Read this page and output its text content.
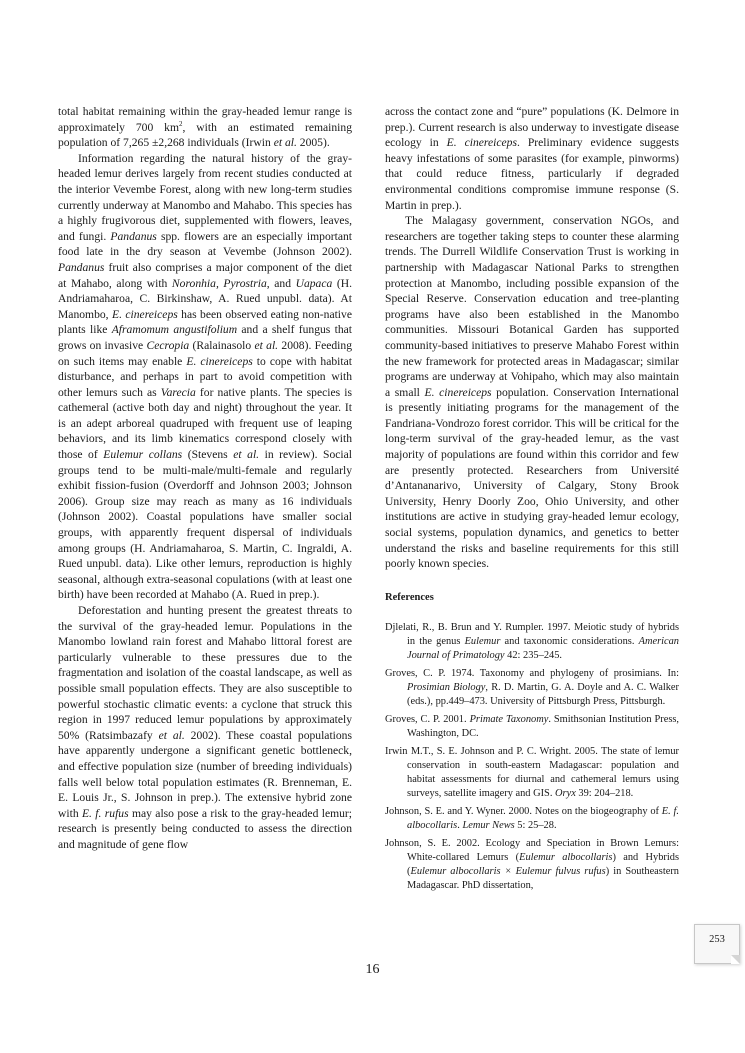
total habitat remaining within the gray-headed lemur range is approximately 700 $km^2$, with an estimated remaining population of 7,265 ±2,268 individuals (Irwin et al. 2005).

Information regarding the natural history of the gray-headed lemur derives largely from recent studies conducted at the interior Vevembe Forest, along with new long-term studies currently underway at Manombo and Mahabo. This species has a highly frugivorous diet, supplemented with flowers, leaves, and fungi. Pandanus spp. flowers are an especially important food late in the dry season at Vevembe (Johnson 2002). Pandanus fruit also comprises a major component of the diet at Mahabo, along with Noronhia, Pyrostria, and Uapaca (H. Andriamaharoa, C. Birkinshaw, A. Rued unpubl. data). At Manombo, E. cinereiceps has been observed eating non-native plants like Aframomum angustifolium and a shelf fungus that grows on invasive Cecropia (Ralainasolo et al. 2008). Feeding on such items may enable E. cinereiceps to cope with habitat disturbance, and perhaps in part to avoid competition with other lemurs such as Varecia for native plants. The species is cathemeral (active both day and night) throughout the year. It is an adept arboreal quadruped with frequent use of leaping behaviors, and its limb kinematics correspond closely with those of Eulemur collans (Stevens et al. in review). Social groups tend to be multi-male/multi-female and regularly exhibit fission-fusion (Overdorff and Johnson 2003; Johnson 2006). Group size may reach as many as 16 individuals (Johnson 2002). Coastal populations have smaller social groups, with apparently frequent dispersal of individuals among groups (H. Andriamaharoa, S. Martin, C. Ingraldi, A. Rued unpubl. data). Like other lemurs, reproduction is highly seasonal, although extra-seasonal copulations (with at least one birth) have been recorded at Mahabo (A. Rued in prep.).

Deforestation and hunting present the greatest threats to the survival of the gray-headed lemur. Populations in the Manombo lowland rain forest and Mahabo littoral forest are particularly vulnerable to these pressures due to the fragmentation and isolation of the coastal landscape, as well as possible small population effects. They are also susceptible to powerful stochastic climatic events: a cyclone that struck this region in 1997 reduced lemur populations by approximately 50% (Ratsimbazafy et al. 2002). These coastal populations have apparently undergone a significant genetic bottleneck, and effective population size (number of breeding individuals) falls well below total population estimates (R. Brenneman, E. E. Louis Jr., S. Johnson in prep.). The extensive hybrid zone with E. f. rufus may also pose a risk to the gray-headed lemur; research is presently being conducted to assess the direction and magnitude of gene flow

across the contact zone and “pure” populations (K. Delmore in prep.). Current research is also underway to investigate disease ecology in E. cinereiceps. Preliminary evidence suggests heavy infestations of some parasites (for example, pinworms) that could reduce fitness, particularly if degraded environmental conditions compromise immune response (S. Martin in prep.).

The Malagasy government, conservation NGOs, and researchers are together taking steps to counter these alarming trends. The Durrell Wildlife Conservation Trust is working in partnership with Madagascar National Parks to strengthen protection at Manombo, including possible expansion of the Special Reserve. Conservation education and tree-planting programs have also been established in the Manombo communities. Missouri Botanical Garden has supported community-based initiatives to preserve Mahabo Forest within the new framework for protected areas in Madagascar; similar programs are underway at Vohipaho, which may also maintain a small E. cinereiceps population. Conservation International is presently initiating programs for the management of the Fandriana-Vondrozo forest corridor. This will be critical for the long-term survival of the gray-headed lemur, as the vast majority of populations are found within this corridor and few are presently protected. Researchers from Université d’Antananarivo, University of Calgary, Stony Brook University, Henry Doorly Zoo, Ohio University, and other institutions are active in studying gray-headed lemur ecology, social systems, population dynamics, and genetics to better understand the risks and baseline requirements for this still poorly known species.

References

Djlelati, R., B. Brun and Y. Rumpler. 1997. Meiotic study of hybrids in the genus Eulemur and taxonomic considerations. American Journal of Primatology 42: 235–245.

Groves, C. P. 1974. Taxonomy and phylogeny of prosimians. In: Prosimian Biology, R. D. Martin, G. A. Doyle and A. C. Walker (eds.), pp.449–473. University of Pittsburgh Press, Pittsburgh.

Groves, C. P. 2001. Primate Taxonomy. Smithsonian Institution Press, Washington, DC.

Irwin M.T., S. E. Johnson and P. C. Wright. 2005. The state of lemur conservation in south-eastern Madagascar: population and habitat assessments for diurnal and cathemeral lemurs using surveys, satellite imagery and GIS. Oryx 39: 204–218.

Johnson, S. E. and Y. Wyner. 2000. Notes on the biogeography of E. f. albocollaris. Lemur News 5: 25–28.

Johnson, S. E. 2002. Ecology and Speciation in Brown Lemurs: White-collared Lemurs (Eulemur albocollaris) and Hybrids (Eulemur albocollaris × Eulemur fulvus rufus) in Southeastern Madagascar. PhD dissertation,

16
253
